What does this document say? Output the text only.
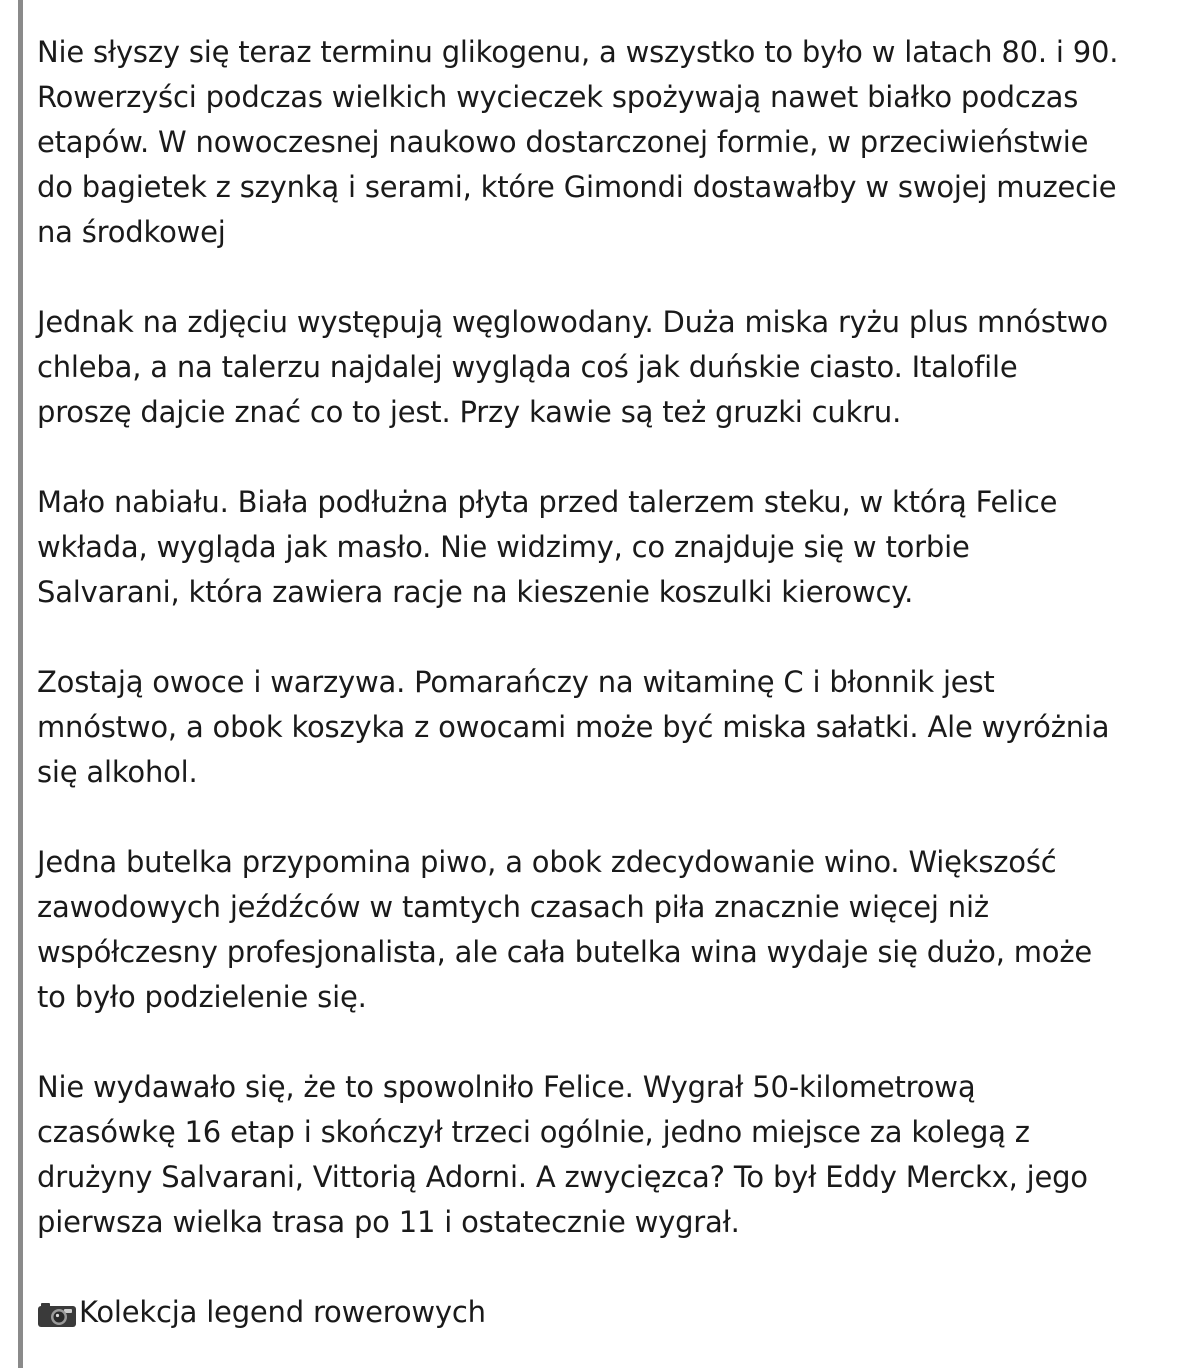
Nie słyszy się teraz terminu glikogenu, a wszystko to było w latach 80. i 90.
Rowerzyści podczas wielkich wycieczek spożywają nawet białko podczas
etapów. W nowoczesnej naukowo dostarczonej formie, w przeciwieństwie
do bagietek z szynką i serami, które Gimondi dostawałby w swojej muzecie
na środkowej

Jednak na zdjęciu występują węglowodany. Duża miska ryżu plus mnóstwo
chleba, a na talerzu najdalej wygląda coś jak duńskie ciasto. Italofile
proszę dajcie znać co to jest. Przy kawie są też gruzki cukru.

Mało nabiału. Biała podłużna płyta przed talerzem steku, w którą Felice
wkłada, wygląda jak masło. Nie widzimy, co znajduje się w torbie
Salvarani, która zawiera racje na kieszenie koszulki kierowcy.

Zostają owoce i warzywa. Pomarańczy na witaminę C i błonnik jest
mnóstwo, a obok koszyka z owocami może być miska sałatki. Ale wyróżnia
się alkohol.

Jedna butelka przypomina piwo, a obok zdecydowanie wino. Większość
zawodowych jeźdźców w tamtych czasach piła znacznie więcej niż
współczesny profesjonalista, ale cała butelka wina wydaje się dużo, może
to było podzielenie się.

Nie wydawało się, że to spowolniło Felice. Wygrał 50-kilometrową
czasówkę 16 etap i skończył trzeci ogólnie, jedno miejsce za kolegą z
drużyny Salvarani, Vittorią Adorni. A zwycięzca? To był Eddy Merckx, jego
pierwsza wielka trasa po 11 i ostatecznie wygrał.

Kolekcja legend rowerowych
